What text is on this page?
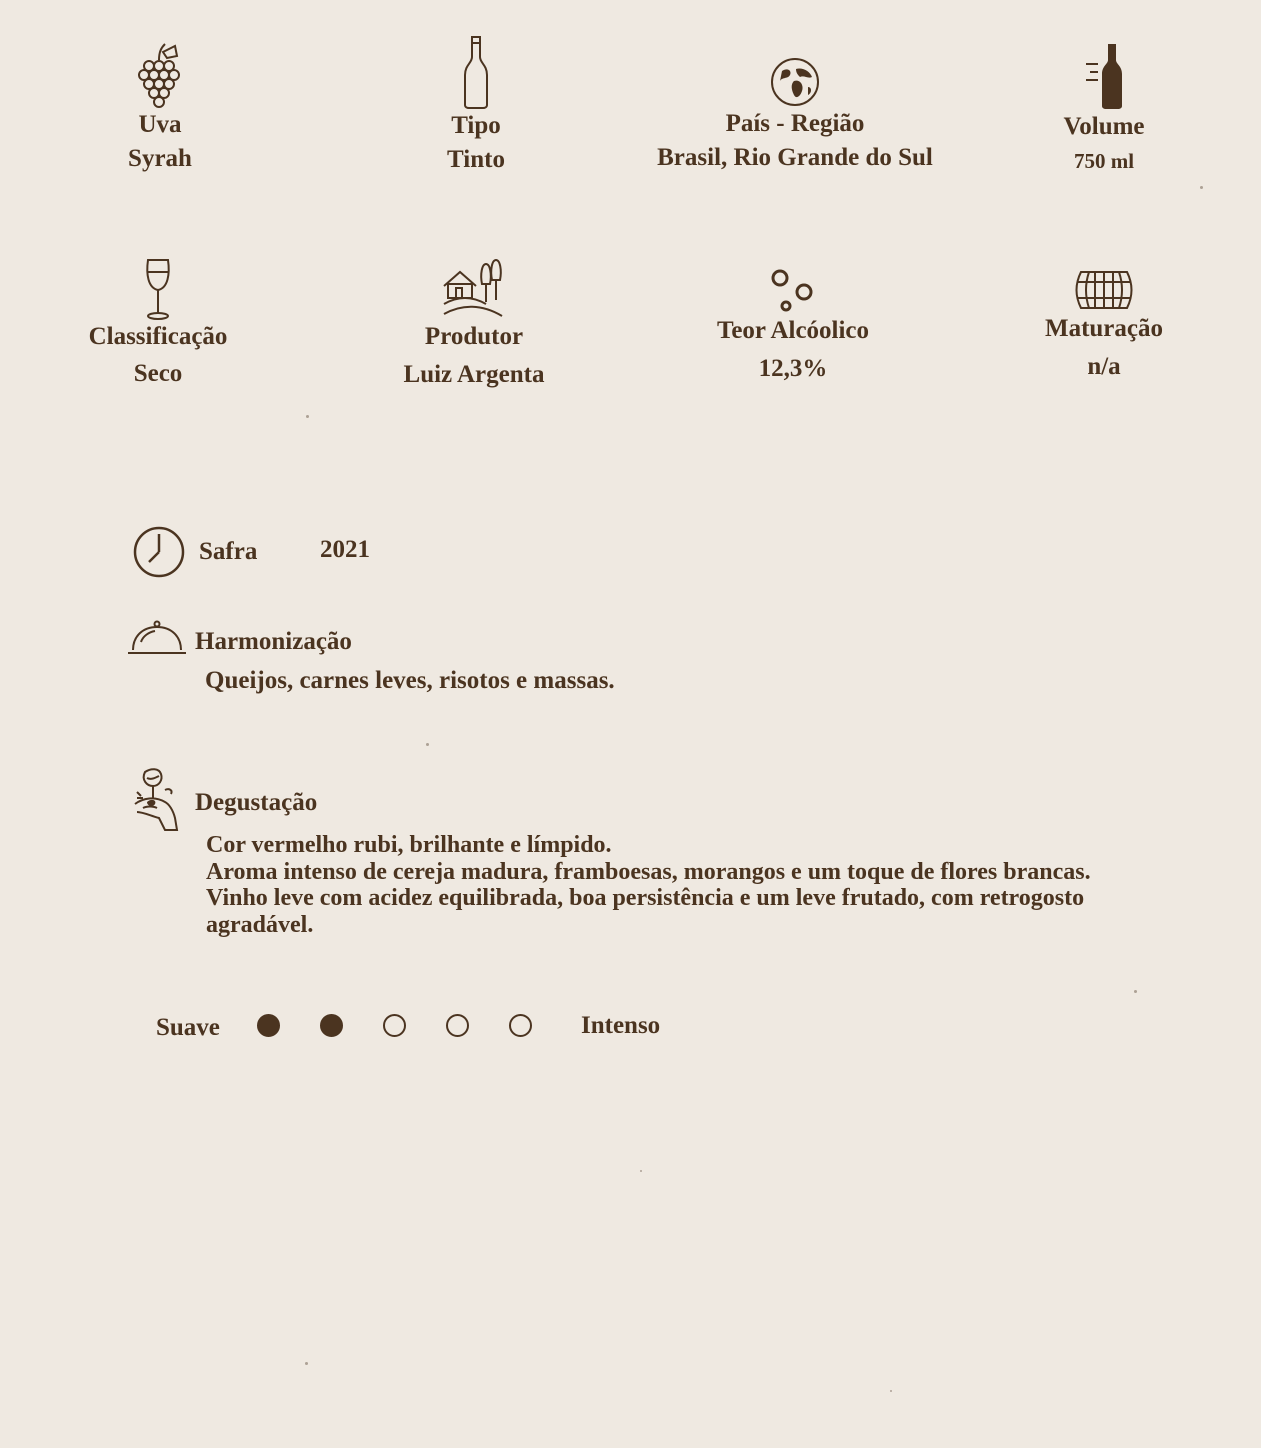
Uva
Syrah
Tipo
Tinto
País - Região
Brasil, Rio Grande do Sul
Volume
750 ml
Classificação
Seco
Produtor
Luiz Argenta
Teor Alcóolico
12,3%
Maturação
n/a
Safra	2021
Harmonização
Queijos, carnes leves, risotos e massas.
Degustação
Cor vermelho rubi, brilhante e límpido.
Aroma intenso de cereja madura, framboesas, morangos e um toque de flores brancas.
Vinho leve com acidez equilibrada, boa persistência e um leve frutado, com retrogosto
agradável.
Suave	Intenso
